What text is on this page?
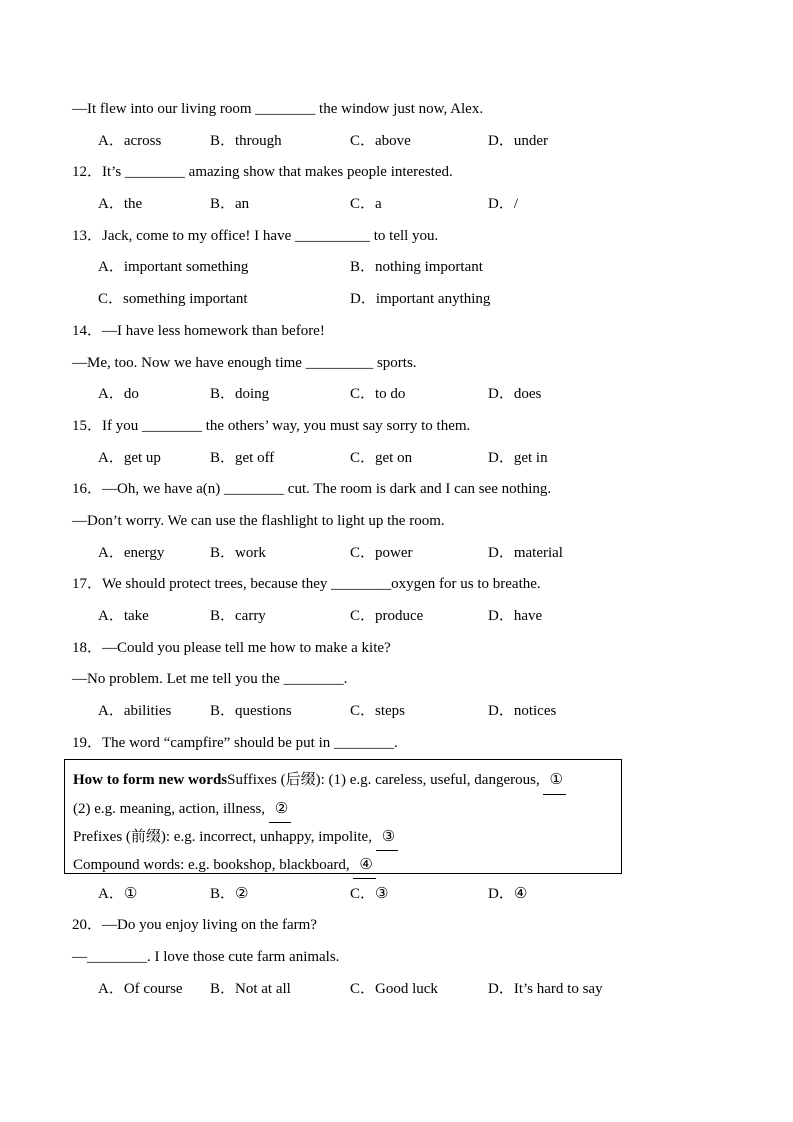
—It flew into our living room ________ the window just now, Alex.
A．across	B．through	C．above	D．under
12．It’s ________ amazing show that makes people interested.
A．the	B．an	C．a	D．/
13．Jack, come to my office! I have __________ to tell you.
A．important something	B．nothing important
C．something important	D．important anything
14．—I have less homework than before!
—Me, too. Now we have enough time _________ sports.
A．do	B．doing	C．to do	D．does
15．If you ________ the others’ way, you must say sorry to them.
A．get up	B．get off	C．get on	D．get in
16．—Oh, we have a(n) ________ cut. The room is dark and I can see nothing.
—Don’t worry. We can use the flashlight to light up the room.
A．energy	B．work	C．power	D．material
17．We should protect trees, because they ________oxygen for us to breathe.
A．take	B．carry	C．produce	D．have
18．—Could you please tell me how to make a kite?
—No problem. Let me tell you the ________.
A．abilities	B．questions	C．steps	D．notices
19．The word “campfire” should be put in ________.
How to form new wordsSuffixes (后缀): (1) e.g. careless, useful, dangerous, ①
(2) e.g. meaning, action, illness, ②
Prefixes (前缀): e.g. incorrect, unhappy, impolite, ③
Compound words: e.g. bookshop, blackboard, ④
A．①	B．②	C．③	D．④
20．—Do you enjoy living on the farm?
—________. I love those cute farm animals.
A．Of course B．Not at all	C．Good luck	D．It’s hard to say
